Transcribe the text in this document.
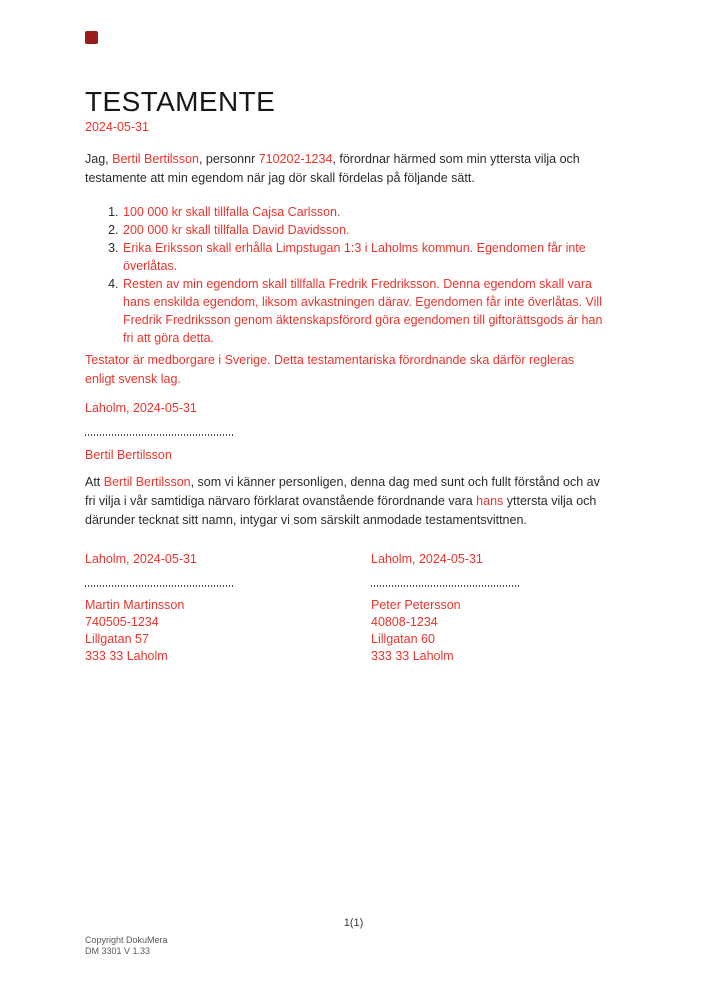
TESTAMENTE
2024-05-31

Jag, Bertil Bertilsson, personnr 710202-1234, förordnar härmed som min yttersta vilja och testamente att min egendom när jag dör skall fördelas på följande sätt.

1. 100 000 kr skall tillfalla Cajsa Carlsson.
2. 200 000 kr skall tillfalla David Davidsson.
3. Erika Eriksson skall erhålla Limpstugan 1:3 i Laholms kommun. Egendomen får inte överlåtas.
4. Resten av min egendom skall tillfalla Fredrik Fredriksson. Denna egendom skall vara hans enskilda egendom, liksom avkastningen därav. Egendomen får inte överlåtas. Vill Fredrik Fredriksson genom äktenskapsförord göra egendomen till giftorättsgods är han fri att göra detta.

Testator är medborgare i Sverige. Detta testamentariska förordnande ska därför regleras enligt svensk lag.

Laholm, 2024-05-31
Bertil Bertilsson

Att Bertil Bertilsson, som vi känner personligen, denna dag med sunt och fullt förstånd och av fri vilja i vår samtidiga närvaro förklarat ovanstående förordnande vara hans yttersta vilja och därunder tecknat sitt namn, intygar vi som särskilt anmodade testamentsvittnen.

Laholm, 2024-05-31
Martin Martinsson
740505-1234
Lillgatan 57
333 33 Laholm
Laholm, 2024-05-31
Peter Petersson
40808-1234
Lillgatan 60
333 33 Laholm
1(1)
Copyright DokuMera
DM 3301 V 1.33
